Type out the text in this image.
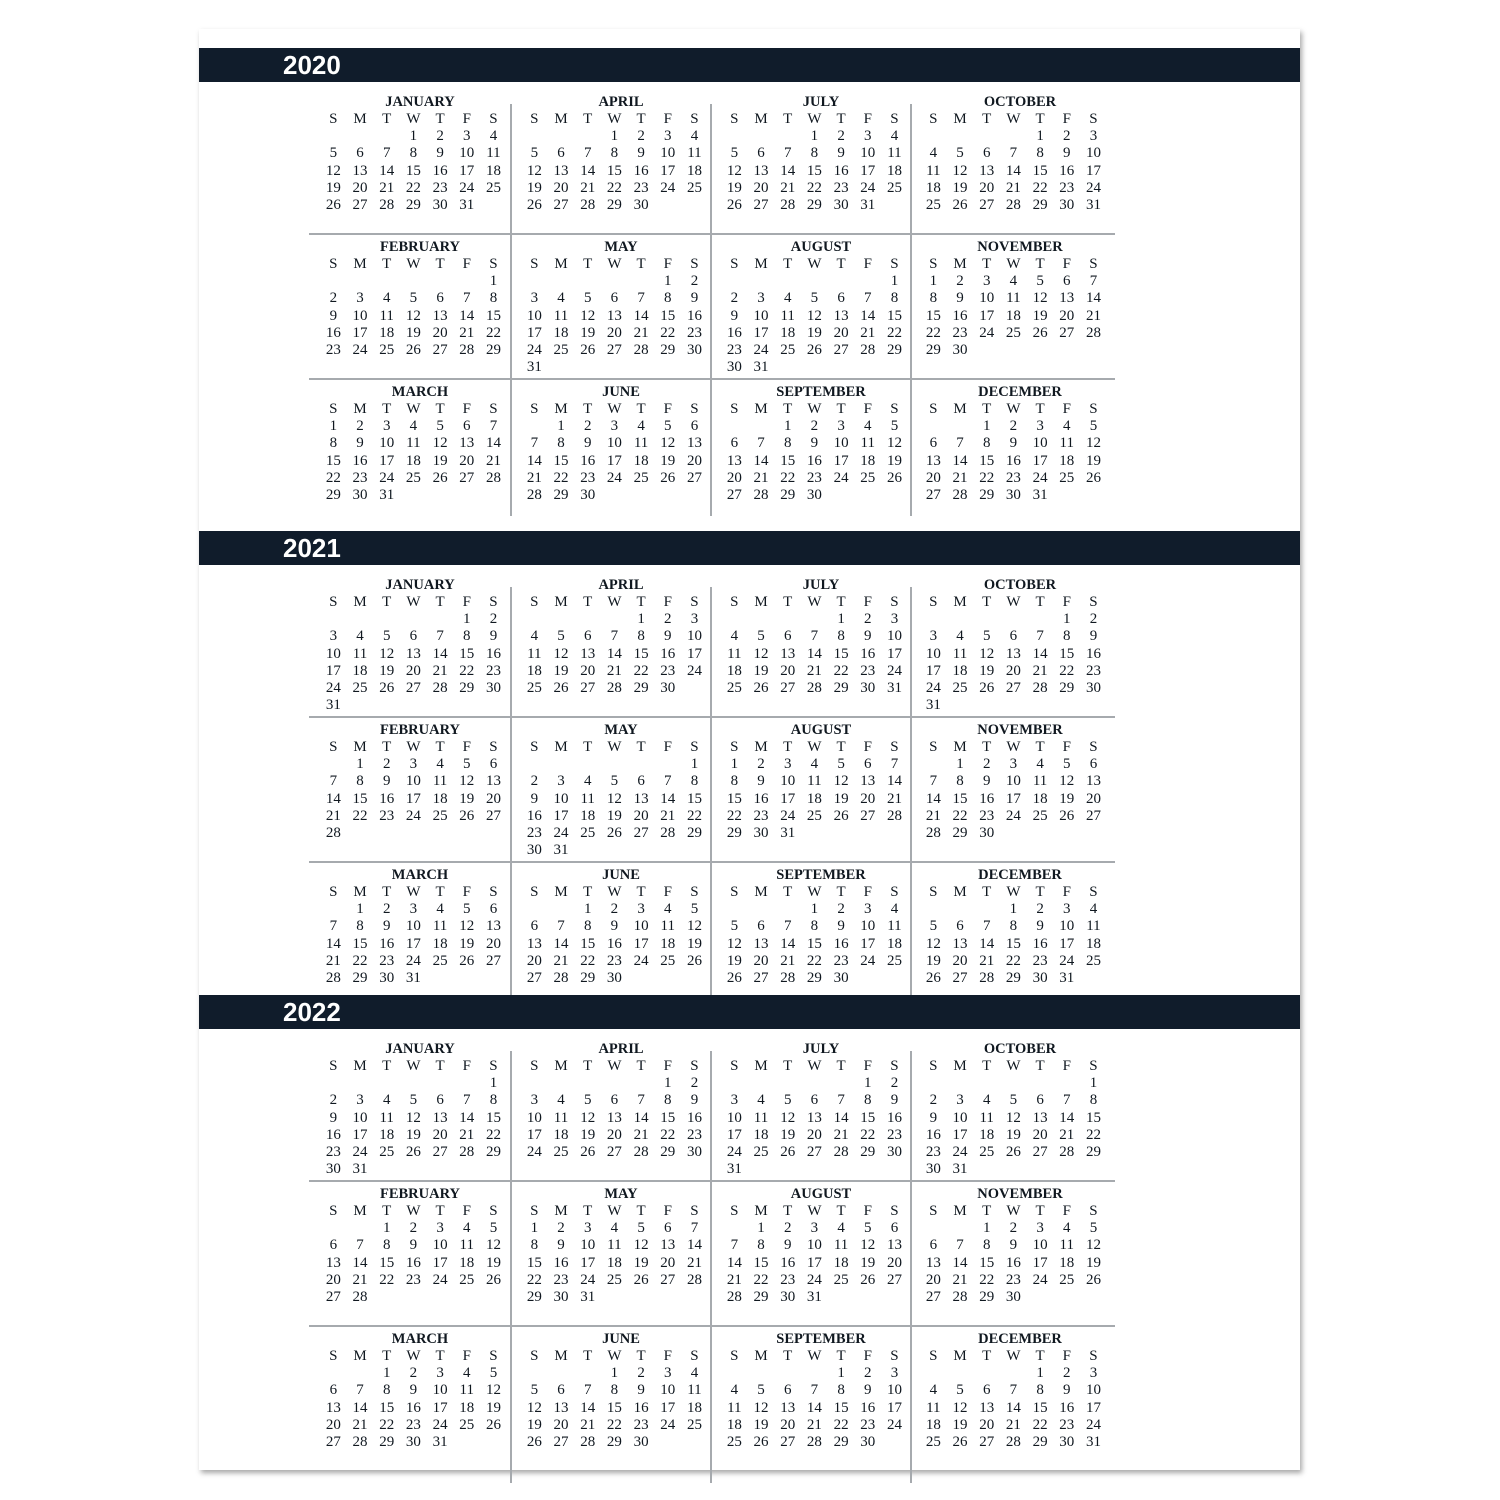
2020
JANUARY
S M T W T F S
1 2 3 4
5 6 7 8 9 10 11
12 13 14 15 16 17 18
19 20 21 22 23 24 25
26 27 28 29 30 31
FEBRUARY
S M T W T F S
1
2 3 4 5 6 7 8
9 10 11 12 13 14 15
16 17 18 19 20 21 22
23 24 25 26 27 28 29
MARCH
S M T W T F S
1 2 3 4 5 6 7
8 9 10 11 12 13 14
15 16 17 18 19 20 21
22 23 24 25 26 27 28
29 30 31
APRIL
S M T W T F S
1 2 3 4
5 6 7 8 9 10 11
12 13 14 15 16 17 18
19 20 21 22 23 24 25
26 27 28 29 30
MAY
S M T W T F S
1 2
3 4 5 6 7 8 9
10 11 12 13 14 15 16
17 18 19 20 21 22 23
24 25 26 27 28 29 30
31
JUNE
S M T W T F S
1 2 3 4 5 6
7 8 9 10 11 12 13
14 15 16 17 18 19 20
21 22 23 24 25 26 27
28 29 30
JULY
S M T W T F S
1 2 3 4
5 6 7 8 9 10 11
12 13 14 15 16 17 18
19 20 21 22 23 24 25
26 27 28 29 30 31
AUGUST
S M T W T F S
1
2 3 4 5 6 7 8
9 10 11 12 13 14 15
16 17 18 19 20 21 22
23 24 25 26 27 28 29
30 31
SEPTEMBER
S M T W T F S
1 2 3 4 5
6 7 8 9 10 11 12
13 14 15 16 17 18 19
20 21 22 23 24 25 26
27 28 29 30
OCTOBER
S M T W T F S
1 2 3
4 5 6 7 8 9 10
11 12 13 14 15 16 17
18 19 20 21 22 23 24
25 26 27 28 29 30 31
NOVEMBER
S M T W T F S
1 2 3 4 5 6 7
8 9 10 11 12 13 14
15 16 17 18 19 20 21
22 23 24 25 26 27 28
29 30
DECEMBER
S M T W T F S
1 2 3 4 5
6 7 8 9 10 11 12
13 14 15 16 17 18 19
20 21 22 23 24 25 26
27 28 29 30 31
2021
JANUARY
S M T W T F S
1 2
3 4 5 6 7 8 9
10 11 12 13 14 15 16
17 18 19 20 21 22 23
24 25 26 27 28 29 30
31
FEBRUARY
S M T W T F S
1 2 3 4 5 6
7 8 9 10 11 12 13
14 15 16 17 18 19 20
21 22 23 24 25 26 27
28
MARCH
S M T W T F S
1 2 3 4 5 6
7 8 9 10 11 12 13
14 15 16 17 18 19 20
21 22 23 24 25 26 27
28 29 30 31
APRIL
S M T W T F S
1 2 3
4 5 6 7 8 9 10
11 12 13 14 15 16 17
18 19 20 21 22 23 24
25 26 27 28 29 30
MAY
S M T W T F S
1
2 3 4 5 6 7 8
9 10 11 12 13 14 15
16 17 18 19 20 21 22
23 24 25 26 27 28 29
30 31
JUNE
S M T W T F S
1 2 3 4 5
6 7 8 9 10 11 12
13 14 15 16 17 18 19
20 21 22 23 24 25 26
27 28 29 30
JULY
S M T W T F S
1 2 3
4 5 6 7 8 9 10
11 12 13 14 15 16 17
18 19 20 21 22 23 24
25 26 27 28 29 30 31
AUGUST
S M T W T F S
1 2 3 4 5 6 7
8 9 10 11 12 13 14
15 16 17 18 19 20 21
22 23 24 25 26 27 28
29 30 31
SEPTEMBER
S M T W T F S
1 2 3 4
5 6 7 8 9 10 11
12 13 14 15 16 17 18
19 20 21 22 23 24 25
26 27 28 29 30
OCTOBER
S M T W T F S
1 2
3 4 5 6 7 8 9
10 11 12 13 14 15 16
17 18 19 20 21 22 23
24 25 26 27 28 29 30
31
NOVEMBER
S M T W T F S
1 2 3 4 5 6
7 8 9 10 11 12 13
14 15 16 17 18 19 20
21 22 23 24 25 26 27
28 29 30
DECEMBER
S M T W T F S
1 2 3 4
5 6 7 8 9 10 11
12 13 14 15 16 17 18
19 20 21 22 23 24 25
26 27 28 29 30 31
2022
JANUARY
S M T W T F S
1
2 3 4 5 6 7 8
9 10 11 12 13 14 15
16 17 18 19 20 21 22
23 24 25 26 27 28 29
30 31
FEBRUARY
S M T W T F S
1 2 3 4 5
6 7 8 9 10 11 12
13 14 15 16 17 18 19
20 21 22 23 24 25 26
27 28
MARCH
S M T W T F S
1 2 3 4 5
6 7 8 9 10 11 12
13 14 15 16 17 18 19
20 21 22 23 24 25 26
27 28 29 30 31
APRIL
S M T W T F S
1 2
3 4 5 6 7 8 9
10 11 12 13 14 15 16
17 18 19 20 21 22 23
24 25 26 27 28 29 30
MAY
S M T W T F S
1 2 3 4 5 6 7
8 9 10 11 12 13 14
15 16 17 18 19 20 21
22 23 24 25 26 27 28
29 30 31
JUNE
S M T W T F S
1 2 3 4
5 6 7 8 9 10 11
12 13 14 15 16 17 18
19 20 21 22 23 24 25
26 27 28 29 30
JULY
S M T W T F S
1 2
3 4 5 6 7 8 9
10 11 12 13 14 15 16
17 18 19 20 21 22 23
24 25 26 27 28 29 30
31
AUGUST
S M T W T F S
1 2 3 4 5 6
7 8 9 10 11 12 13
14 15 16 17 18 19 20
21 22 23 24 25 26 27
28 29 30 31
SEPTEMBER
S M T W T F S
1 2 3
4 5 6 7 8 9 10
11 12 13 14 15 16 17
18 19 20 21 22 23 24
25 26 27 28 29 30
OCTOBER
S M T W T F S
1
2 3 4 5 6 7 8
9 10 11 12 13 14 15
16 17 18 19 20 21 22
23 24 25 26 27 28 29
30 31
NOVEMBER
S M T W T F S
1 2 3 4 5
6 7 8 9 10 11 12
13 14 15 16 17 18 19
20 21 22 23 24 25 26
27 28 29 30
DECEMBER
S M T W T F S
1 2 3
4 5 6 7 8 9 10
11 12 13 14 15 16 17
18 19 20 21 22 23 24
25 26 27 28 29 30 31
